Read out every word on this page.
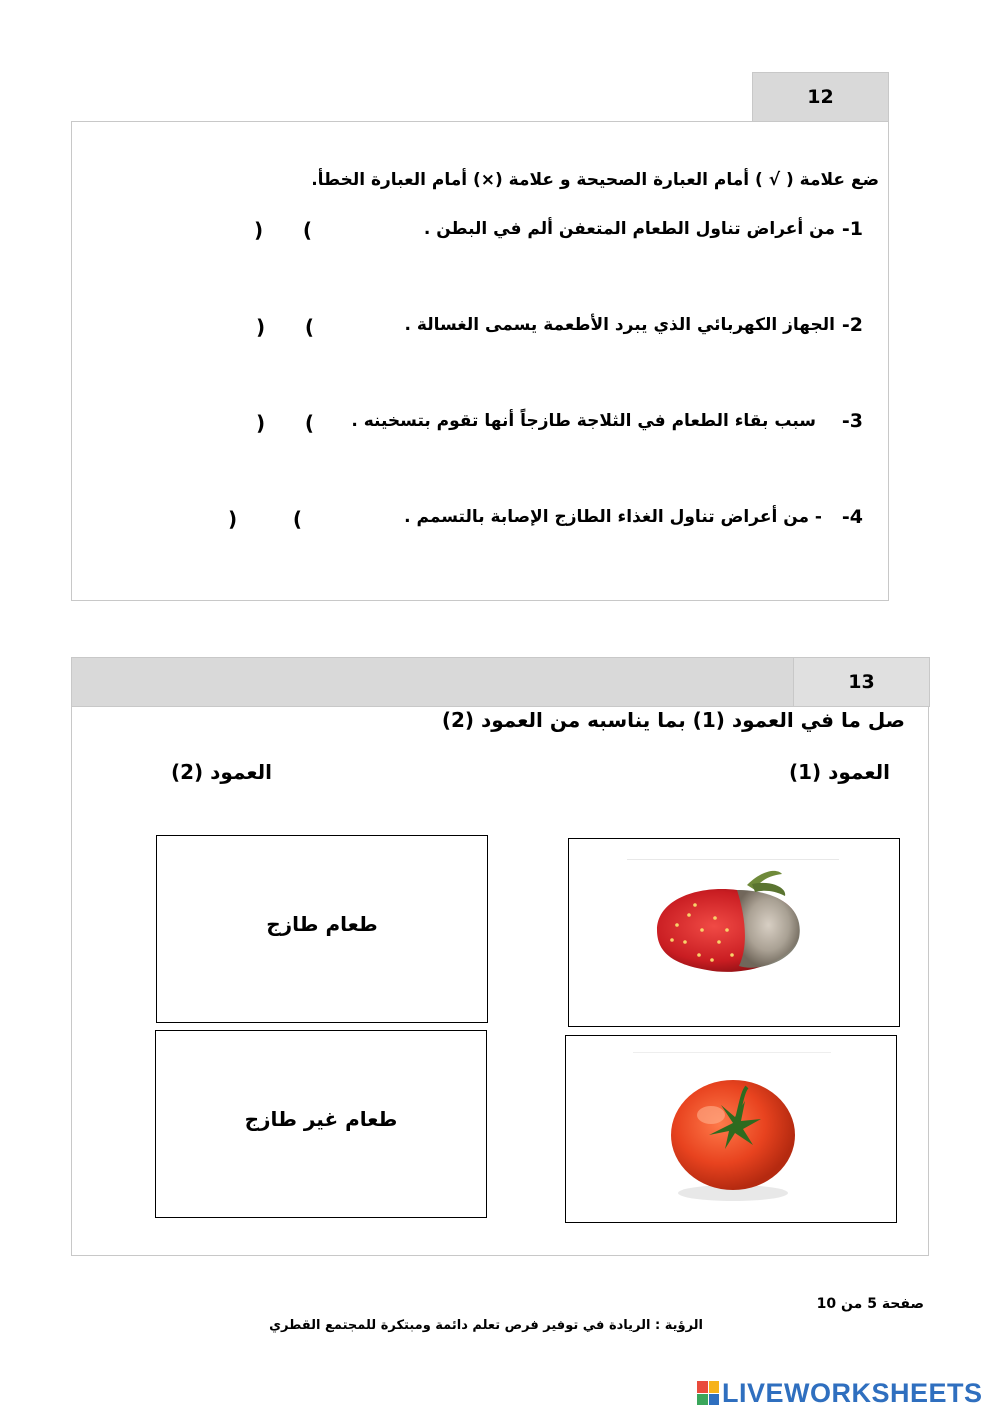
12
ضع علامة ( √ ) أمام العبارة الصحيحة و علامة (×) أمام العبارة الخطأ.
-1
من أعراض تناول الطعام المتعفن ألم في البطن .
(
)
-2
الجهاز الكهربائي الذي يبرد الأطعمة يسمى الغسالة .
(
)
-3
سبب بقاء الطعام في الثلاجة طازجاً أنها تقوم بتسخينه .
(
)
-4
- من أعراض تناول الغذاء الطازج الإصابة بالتسمم .
(
)
13
صل ما في العمود (1) بما يناسبه من العمود (2)
العمود (1)
العمود (2)
طعام طازج
طعام غير طازج
صفحة 5 من 10
الرؤية : الريادة في توفير فرص تعلم دائمة ومبتكرة للمجتمع القطري
LIVEWORKSHEETS
